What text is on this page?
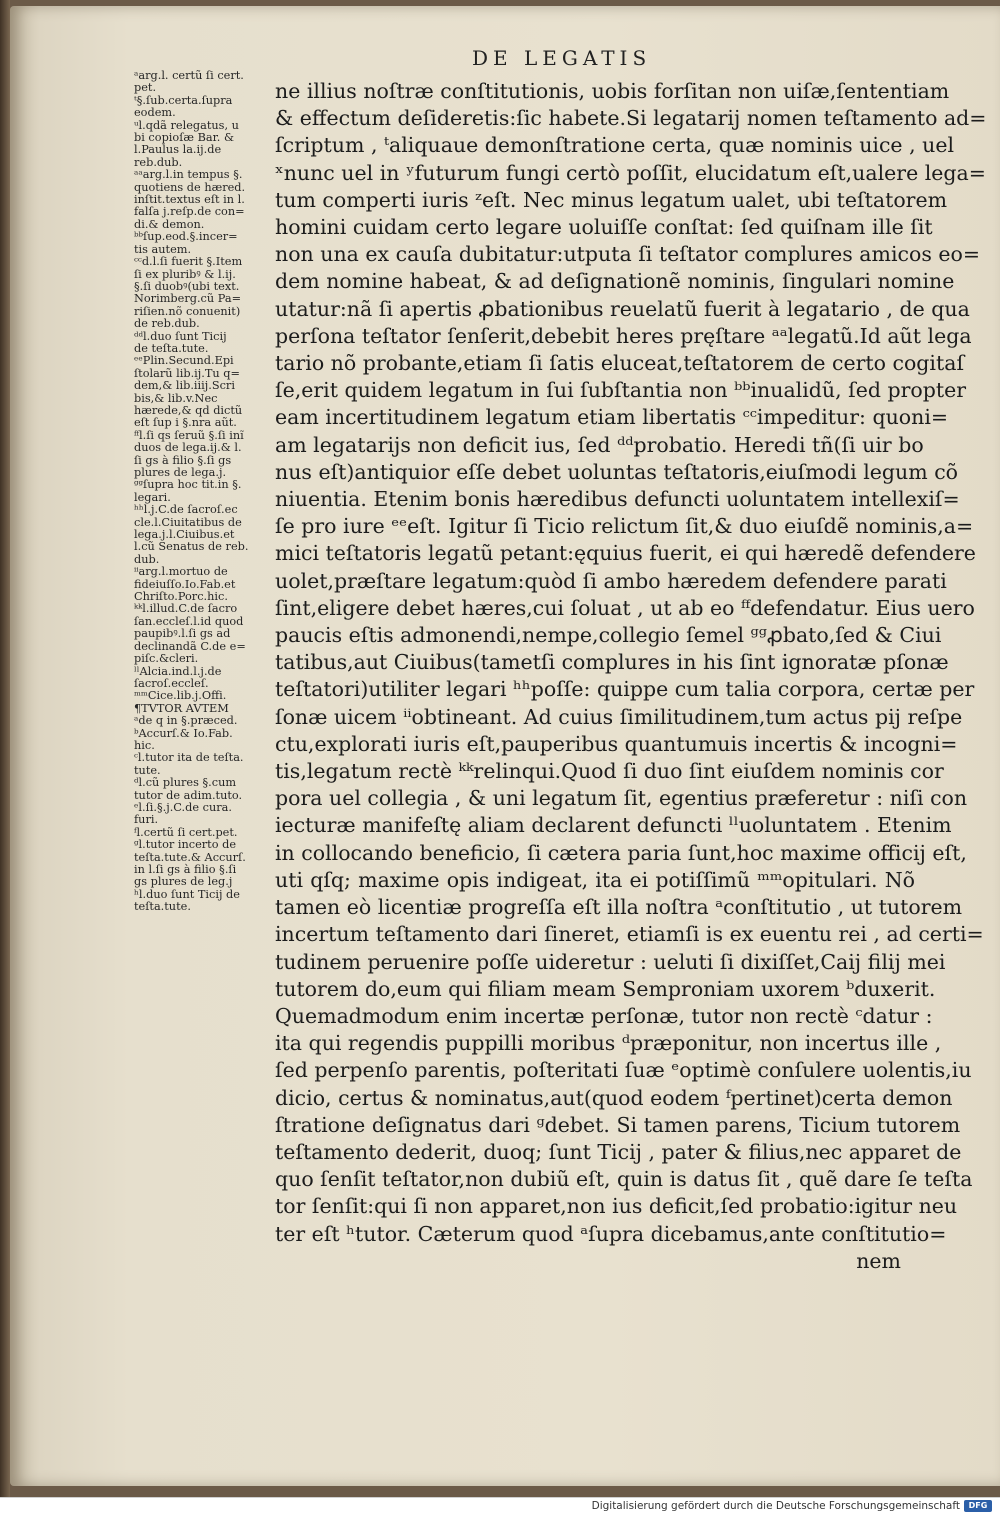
DE LEGATIS
ᵃarg.l. certũ ſi cert.
pet.
ᵗ§.ſub.certa.ſupra
eodem.
ᵘl.qdã relegatus, u
bi copioſæ Bar. &
l.Paulus la.ij.de
reb.dub.
ᵃᵃarg.l.in tempus §.
quotiens de hæred.
inſtit.textus eſt in l.
falſa j.reſp.de con=
di.& demon.
ᵇᵇſup.eod.§.incer=
tis autem.
ᶜᶜd.l.ſi fuerit §.Item
ſi ex pluribꝰ & l.ij.
§.ſi duobꝰ(ubi text.
Norimberg.cũ Pa=
riſien.nõ conuenit)
de reb.dub.
ᵈᵈl.duo ſunt Ticij
de teſta.tute.
ᵉᵉPlin.Secund.Epi
ſtolarũ lib.ij.Tu q=
dem,& lib.iiij.Scri
bis,& lib.v.Nec
hærede,& qd dictũ
eſt ſup i §.nra aũt.
ᶠᶠl.ſi qs ſeruũ §.ſi inĩ
duos de lega.ij.& l.
ſi gs à filio §.ſi gs
plures de lega.j.
ᵍᵍſupra hoc tit.in §.
legari.
ʰʰl.j.C.de ſacroſ.ec
cle.l.Ciuitatibus de
lega.j.l.Ciuibus.et
l.cũ Senatus de reb.
dub.
ⁱⁱarg.l.mortuo de
fideiuſſo.Io.Fab.et
Chriſto.Porc.hic.
ᵏᵏl.illud.C.de ſacro
ſan.eccleſ.l.id quod
paupibꝰ.l.ſi gs ad
declinandã C.de e=
piſc.&cleri.
ˡˡAlcia.ind.l.j.de
ſacroſ.eccleſ.
ᵐᵐCice.lib.j.Offi.
¶TVTOR AVTEM
ᵃde q in §.præced.
ᵇAccurſ.& Io.Fab.
hic.
ᶜl.tutor ita de teſta.
tute.
ᵈl.cũ plures §.cum
tutor de adim.tuto.
ᵉl.ſi.§.j.C.de cura.
furi.
ᶠl.certũ ſi cert.pet.
ᵍl.tutor incerto de
teſta.tute.& Accurſ.
in l.ſi gs à filio §.ſi
gs plures de leg.j
ʰl.duo ſunt Ticij de
teſta.tute.
ne illius noſtræ conſtitutionis, uobis forſitan non uiſæ,ſententiam
& effectum deſideretis:ſic habete.Si legatarij nomen teſtamento ad=
ſcriptum , ᵗaliquaue demonſtratione certa, quæ nominis uice , uel
ˣnunc uel in ʸfuturum fungi certò poſſit, elucidatum eſt,ualere lega=
tum comperti iuris ᶻeſt. Nec minus legatum ualet, ubi teſtatorem
homini cuidam certo legare uoluiſſe conſtat: ſed quiſnam ille ſit
non una ex cauſa dubitatur:utputa ſi teſtator complures amicos eo=
dem nomine habeat, & ad deſignationẽ nominis, ſingulari nomine
utatur:nã ſi apertis ꝓbationibus reuelatũ fuerit à legatario , de qua
perſona teſtator ſenſerit,debebit heres pręſtare ᵃᵃlegatũ.Id aũt lega
tario nõ probante,etiam ſi ſatis eluceat,teſtatorem de certo cogitaſ
ſe,erit quidem legatum in ſui ſubſtantia non ᵇᵇinualidũ, ſed propter
eam incertitudinem legatum etiam libertatis ᶜᶜimpeditur: quoni=
am legatarijs non deficit ius, ſed ᵈᵈprobatio. Heredi tñ(ſi uir bo
nus eſt)antiquior eſſe debet uoluntas teſtatoris,eiuſmodi legum cõ
niuentia. Etenim bonis hæredibus defuncti uoluntatem intellexiſ=
ſe pro iure ᵉᵉeſt. Igitur ſi Ticio relictum ſit,& duo eiuſdẽ nominis,a=
mici teſtatoris legatũ petant:ęquius fuerit, ei qui hæredẽ defendere
uolet,præſtare legatum:quòd ſi ambo hæredem defendere parati
ſint,eligere debet hæres,cui ſoluat , ut ab eo ᶠᶠdefendatur. Eius uero
paucis eſtis admonendi,nempe,collegio ſemel ᵍᵍꝓbato,ſed & Ciui
tatibus,aut Ciuibus(tametſi complures in his ſint ignoratæ pſonæ
teſtatori)utiliter legari ʰʰpoſſe: quippe cum talia corpora, certæ per
ſonæ uicem ⁱⁱobtineant. Ad cuius ſimilitudinem,tum actus pij reſpe
ctu,explorati iuris eſt,pauperibus quantumuis incertis & incogni=
tis,legatum rectè ᵏᵏrelinqui.Quod ſi duo ſint eiuſdem nominis cor
pora uel collegia , & uni legatum ſit, egentius præferetur : niſi con
iecturæ manifeſtę aliam declarent defuncti ˡˡuoluntatem . Etenim
in collocando beneficio, ſi cætera paria ſunt,hoc maxime officij eſt,
uti qſq; maxime opis indigeat, ita ei potiſſimũ ᵐᵐopitulari. Nõ
tamen eò licentiæ progreſſa eſt illa noſtra ᵃconſtitutio , ut tutorem
incertum teſtamento dari ſineret, etiamſi is ex euentu rei , ad certi=
tudinem peruenire poſſe uideretur : ueluti ſi dixiſſet,Caij filij mei
tutorem do,eum qui filiam meam Semproniam uxorem ᵇduxerit.
Quemadmodum enim incertæ perſonæ, tutor non rectè ᶜdatur :
ita qui regendis puppilli moribus ᵈpræponitur, non incertus ille ,
ſed perpenſo parentis, poſteritati ſuæ ᵉoptimè conſulere uolentis,iu
dicio, certus & nominatus,aut(quod eodem ᶠpertinet)certa demon
ſtratione deſignatus dari ᵍdebet. Si tamen parens, Ticium tutorem
teſtamento dederit, duoq; ſunt Ticij , pater & filius,nec apparet de
quo ſenſit teſtator,non dubiũ eſt, quin is datus ſit , quẽ dare ſe teſta
tor ſenſit:qui ſi non apparet,non ius deficit,ſed probatio:igitur neu
ter eſt ʰtutor. Cæterum quod ᵃſupra dicebamus,ante conſtitutio=
nem
Digitalisierung gefördert durch die Deutsche Forschungsgemeinschaft	DFG
